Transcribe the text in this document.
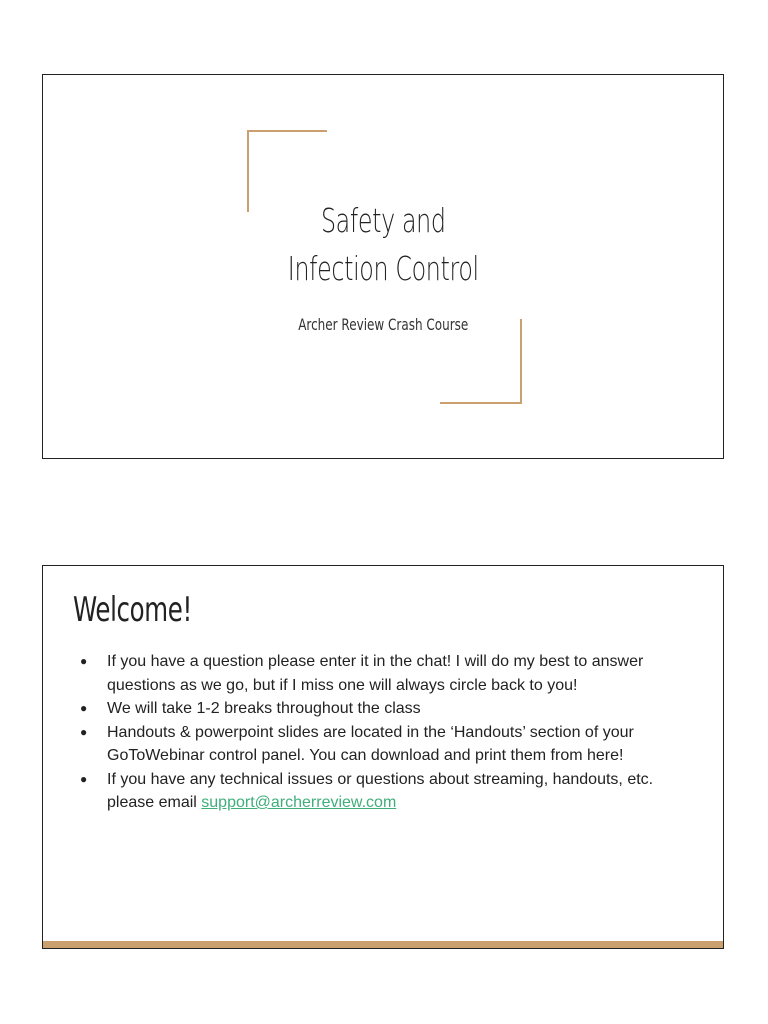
Safety and
Infection Control
Archer Review Crash Course
Welcome!
● If you have a question please enter it in the chat! I will do my best to answer questions as we go, but if I miss one will always circle back to you!
● We will take 1-2 breaks throughout the class
● Handouts & powerpoint slides are located in the ‘Handouts’ section of your GoToWebinar control panel. You can download and print them from here!
● If you have any technical issues or questions about streaming, handouts, etc. please email support@archerreview.com
